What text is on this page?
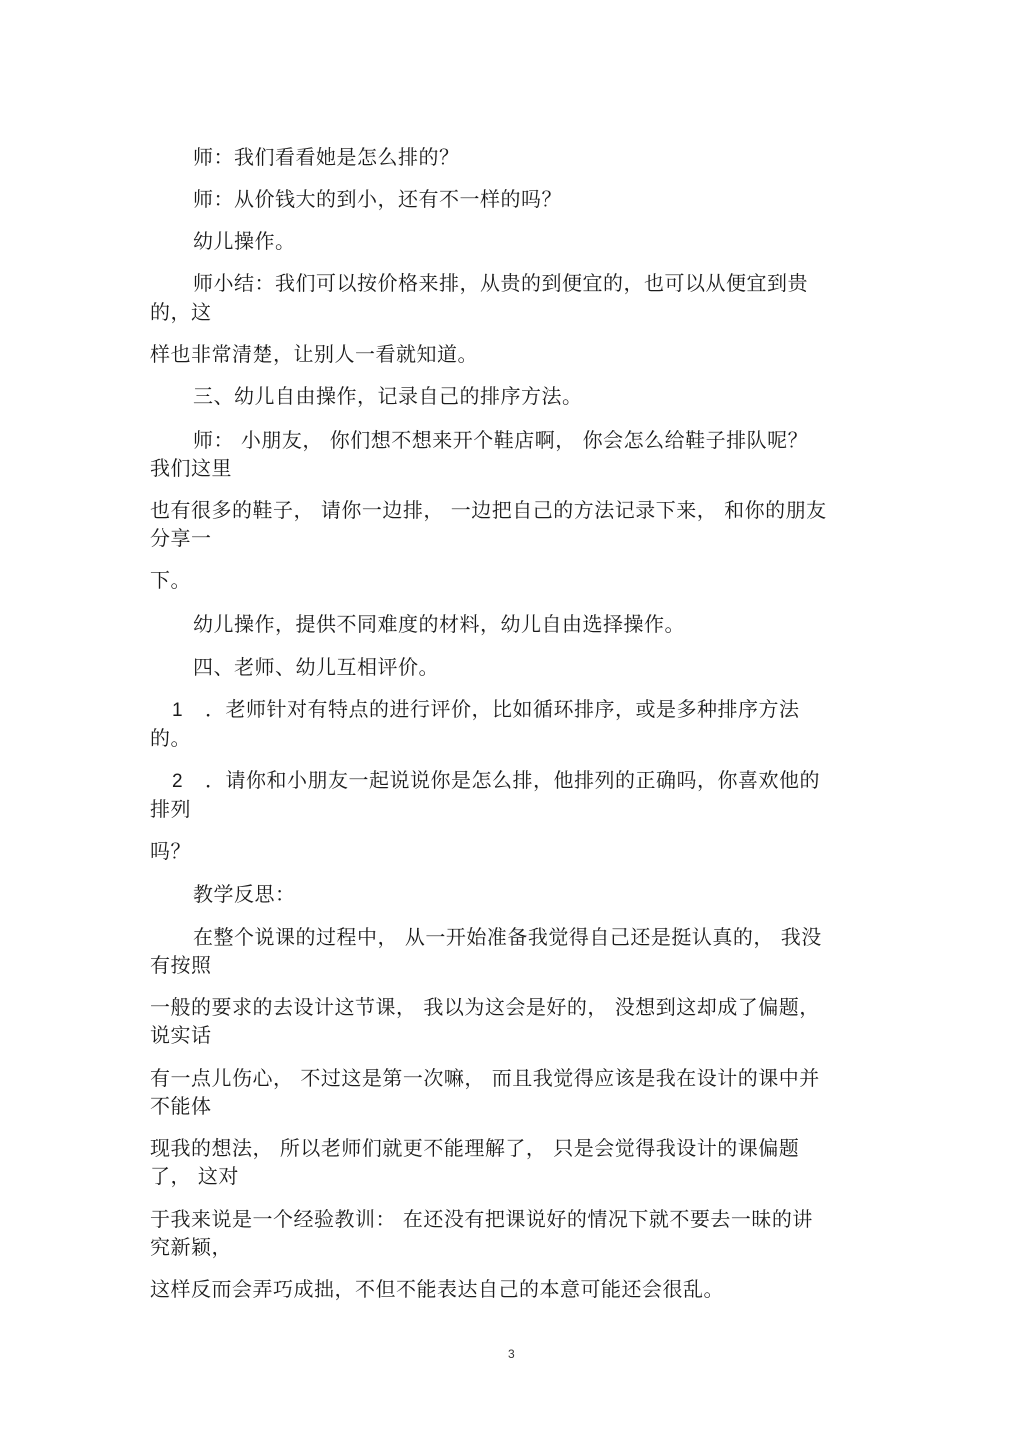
师：我们看看她是怎么排的？
师：从价钱大的到小，还有不一样的吗？
幼儿操作。
师小结：我们可以按价格来排，从贵的到便宜的，也可以从便宜到贵
的，这
样也非常清楚，让别人一看就知道。
三、幼儿自由操作，记录自己的排序方法。
师： 小朋友， 你们想不想来开个鞋店啊， 你会怎么给鞋子排队呢？
我们这里
也有很多的鞋子， 请你一边排， 一边把自己的方法记录下来， 和你的朋友
分享一
下。
幼儿操作，提供不同难度的材料，幼儿自由选择操作。
四、老师、幼儿互相评价。
1 ．老师针对有特点的进行评价，比如循环排序，或是多种排序方法
的。
2 ．请你和小朋友一起说说你是怎么排，他排列的正确吗，你喜欢他的
排列
吗？
教学反思：
在整个说课的过程中， 从一开始准备我觉得自己还是挺认真的， 我没
有按照
一般的要求的去设计这节课， 我以为这会是好的， 没想到这却成了偏题，
说实话
有一点儿伤心， 不过这是第一次嘛， 而且我觉得应该是我在设计的课中并
不能体
现我的想法， 所以老师们就更不能理解了， 只是会觉得我设计的课偏题
了， 这对
于我来说是一个经验教训： 在还没有把课说好的情况下就不要去一昧的讲
究新颖，
这样反而会弄巧成拙，不但不能表达自己的本意可能还会很乱。
3
